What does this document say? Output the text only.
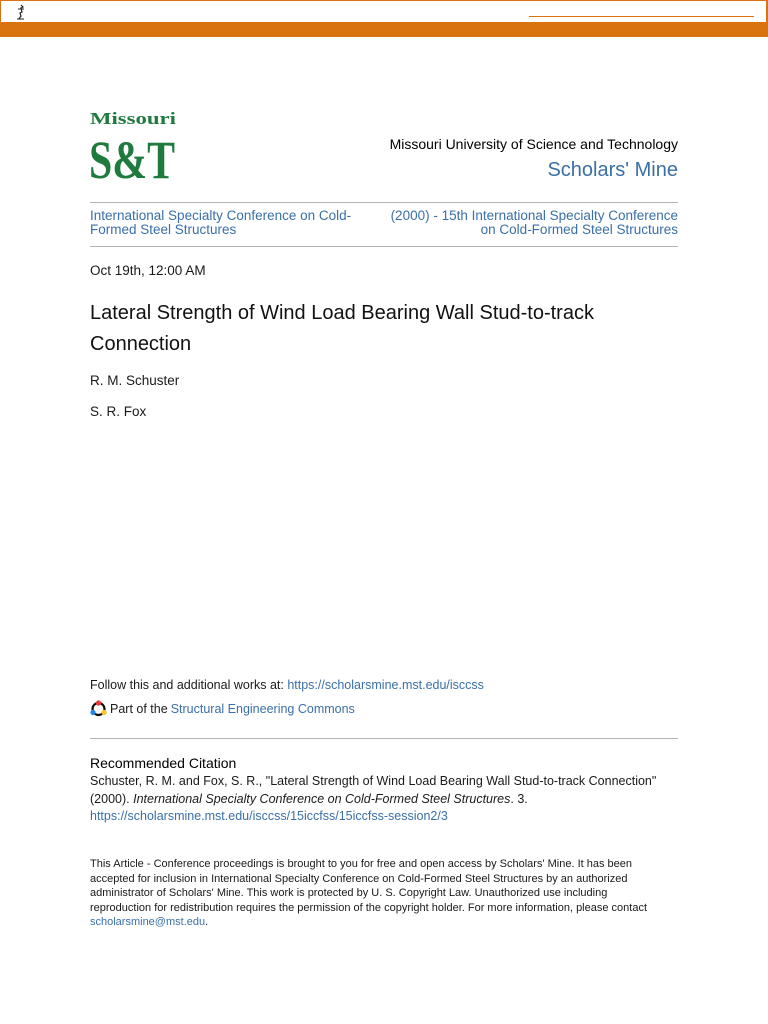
Missouri
S&T	Missouri University of Science and Technology
Scholars' Mine
International Specialty Conference on Cold-Formed Steel Structures
(2000) - 15th International Specialty Conference on Cold-Formed Steel Structures
Oct 19th, 12:00 AM
Lateral Strength of Wind Load Bearing Wall Stud-to-track Connection
R. M. Schuster
S. R. Fox
Follow this and additional works at: https://scholarsmine.mst.edu/isccss
Part of the Structural Engineering Commons
Recommended Citation
Schuster, R. M. and Fox, S. R., "Lateral Strength of Wind Load Bearing Wall Stud-to-track Connection" (2000). International Specialty Conference on Cold-Formed Steel Structures. 3.
https://scholarsmine.mst.edu/isccss/15iccfss/15iccfss-session2/3
This Article - Conference proceedings is brought to you for free and open access by Scholars' Mine. It has been accepted for inclusion in International Specialty Conference on Cold-Formed Steel Structures by an authorized administrator of Scholars' Mine. This work is protected by U. S. Copyright Law. Unauthorized use including reproduction for redistribution requires the permission of the copyright holder. For more information, please contact scholarsmine@mst.edu.
